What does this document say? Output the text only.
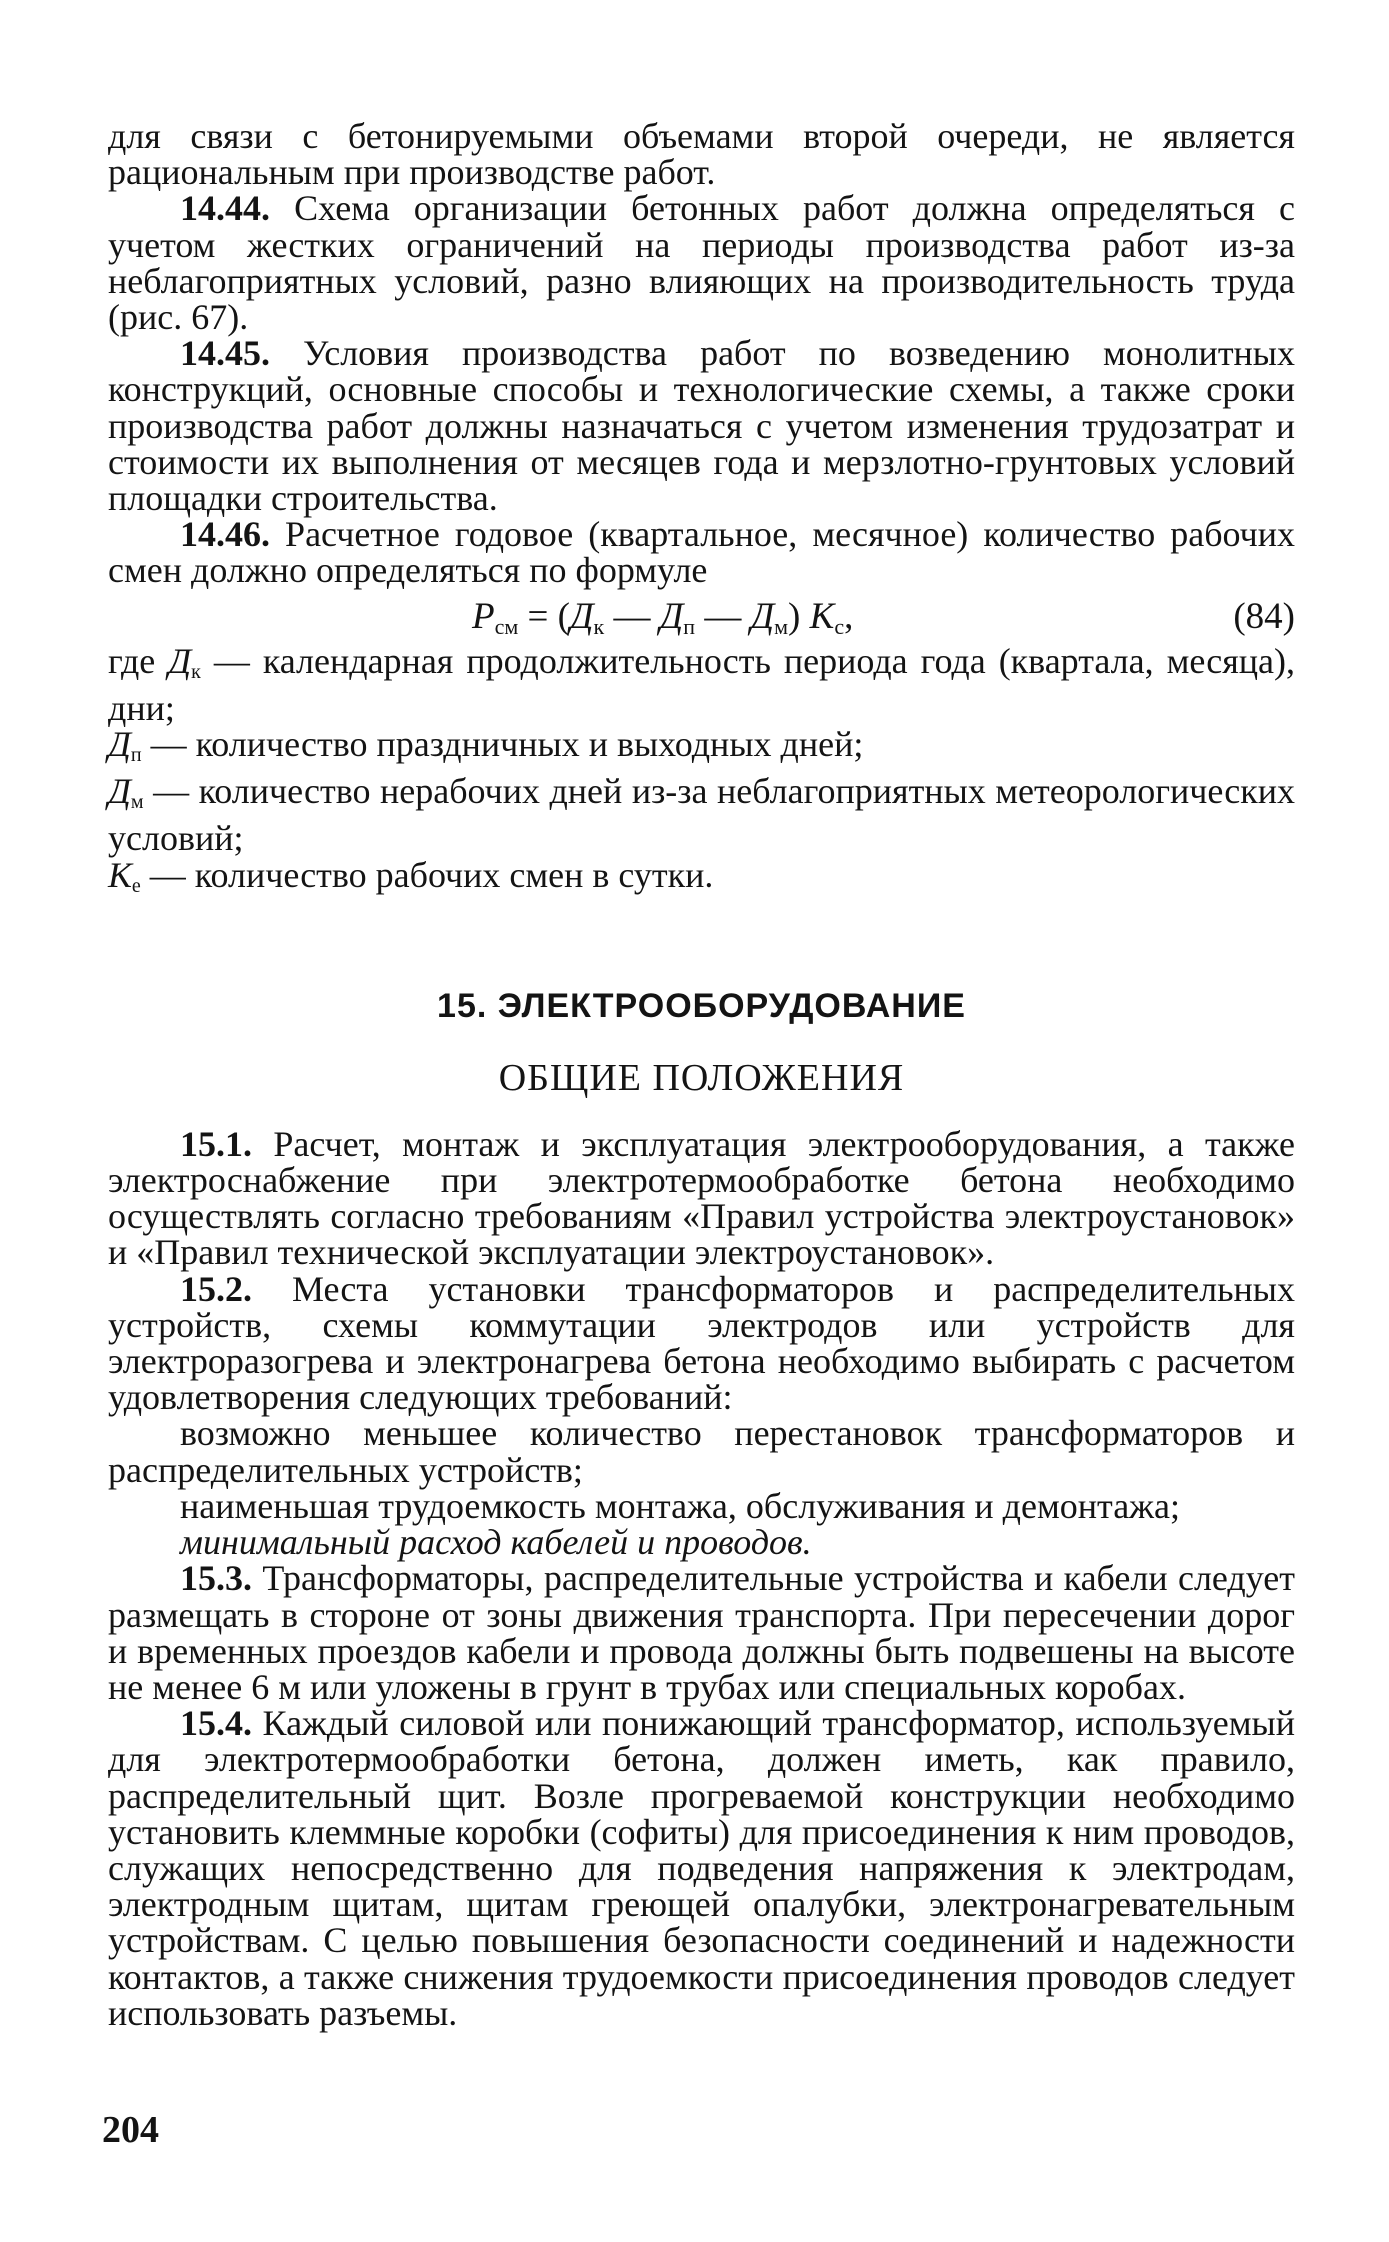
для связи с бетонируемыми объемами второй очереди, не является рациональным при производстве работ.

14.44. Схема организации бетонных работ должна определяться с учетом жестких ограничений на периоды производства работ из-за неблагоприятных условий, разно влияющих на производительность труда (рис. 67).

14.45. Условия производства работ по возведению монолитных конструкций, основные способы и технологические схемы, а также сроки производства работ должны назначаться с учетом изменения трудозатрат и стоимости их выполнения от месяцев года и мерзлотно-грунтовых условий площадки строительства.

14.46. Расчетное годовое (квартальное, месячное) количество рабочих смен должно определяться по формуле

$P_{см} = (Д_к$ — $Д_п$ — $Д_м$) $K_с$,	(84)

где $Д_к$ — календарная продолжительность периода года (квартала, месяца), дни;

$Д_п$ — количество праздничных и выходных дней;

$Д_м$ — количество нерабочих дней из-за неблагоприятных метеорологических условий;

$К_е$ — количество рабочих смен в сутки.

15. ЭЛЕКТРООБОРУДОВАНИЕ
ОБЩИЕ ПОЛОЖЕНИЯ

15.1. Расчет, монтаж и эксплуатация электрооборудования, а также электроснабжение при электротермообработке бетона необходимо осуществлять согласно требованиям «Правил устройства электроустановок» и «Правил технической эксплуатации электроустановок».

15.2. Места установки трансформаторов и распределительных устройств, схемы коммутации электродов или устройств для электроразогрева и электронагрева бетона необходимо выбирать с расчетом удовлетворения следующих требований:

возможно меньшее количество перестановок трансформаторов и распределительных устройств;

наименьшая трудоемкость монтажа, обслуживания и демонтажа;

минимальный расход кабелей и проводов.

15.3. Трансформаторы, распределительные устройства и кабели следует размещать в стороне от зоны движения транспорта. При пересечении дорог и временных проездов кабели и провода должны быть подвешены на высоте не менее 6 м или уложены в грунт в трубах или специальных коробах.

15.4. Каждый силовой или понижающий трансформатор, используемый для электротермообработки бетона, должен иметь, как правило, распределительный щит. Возле прогреваемой конструкции необходимо установить клеммные коробки (софиты) для присоединения к ним проводов, служащих непосредственно для подведения напряжения к электродам, электродным щитам, щитам греющей опалубки, электронагревательным устройствам. С целью повышения безопасности соединений и надежности контактов, а также снижения трудоемкости присоединения проводов следует использовать разъемы.

204
